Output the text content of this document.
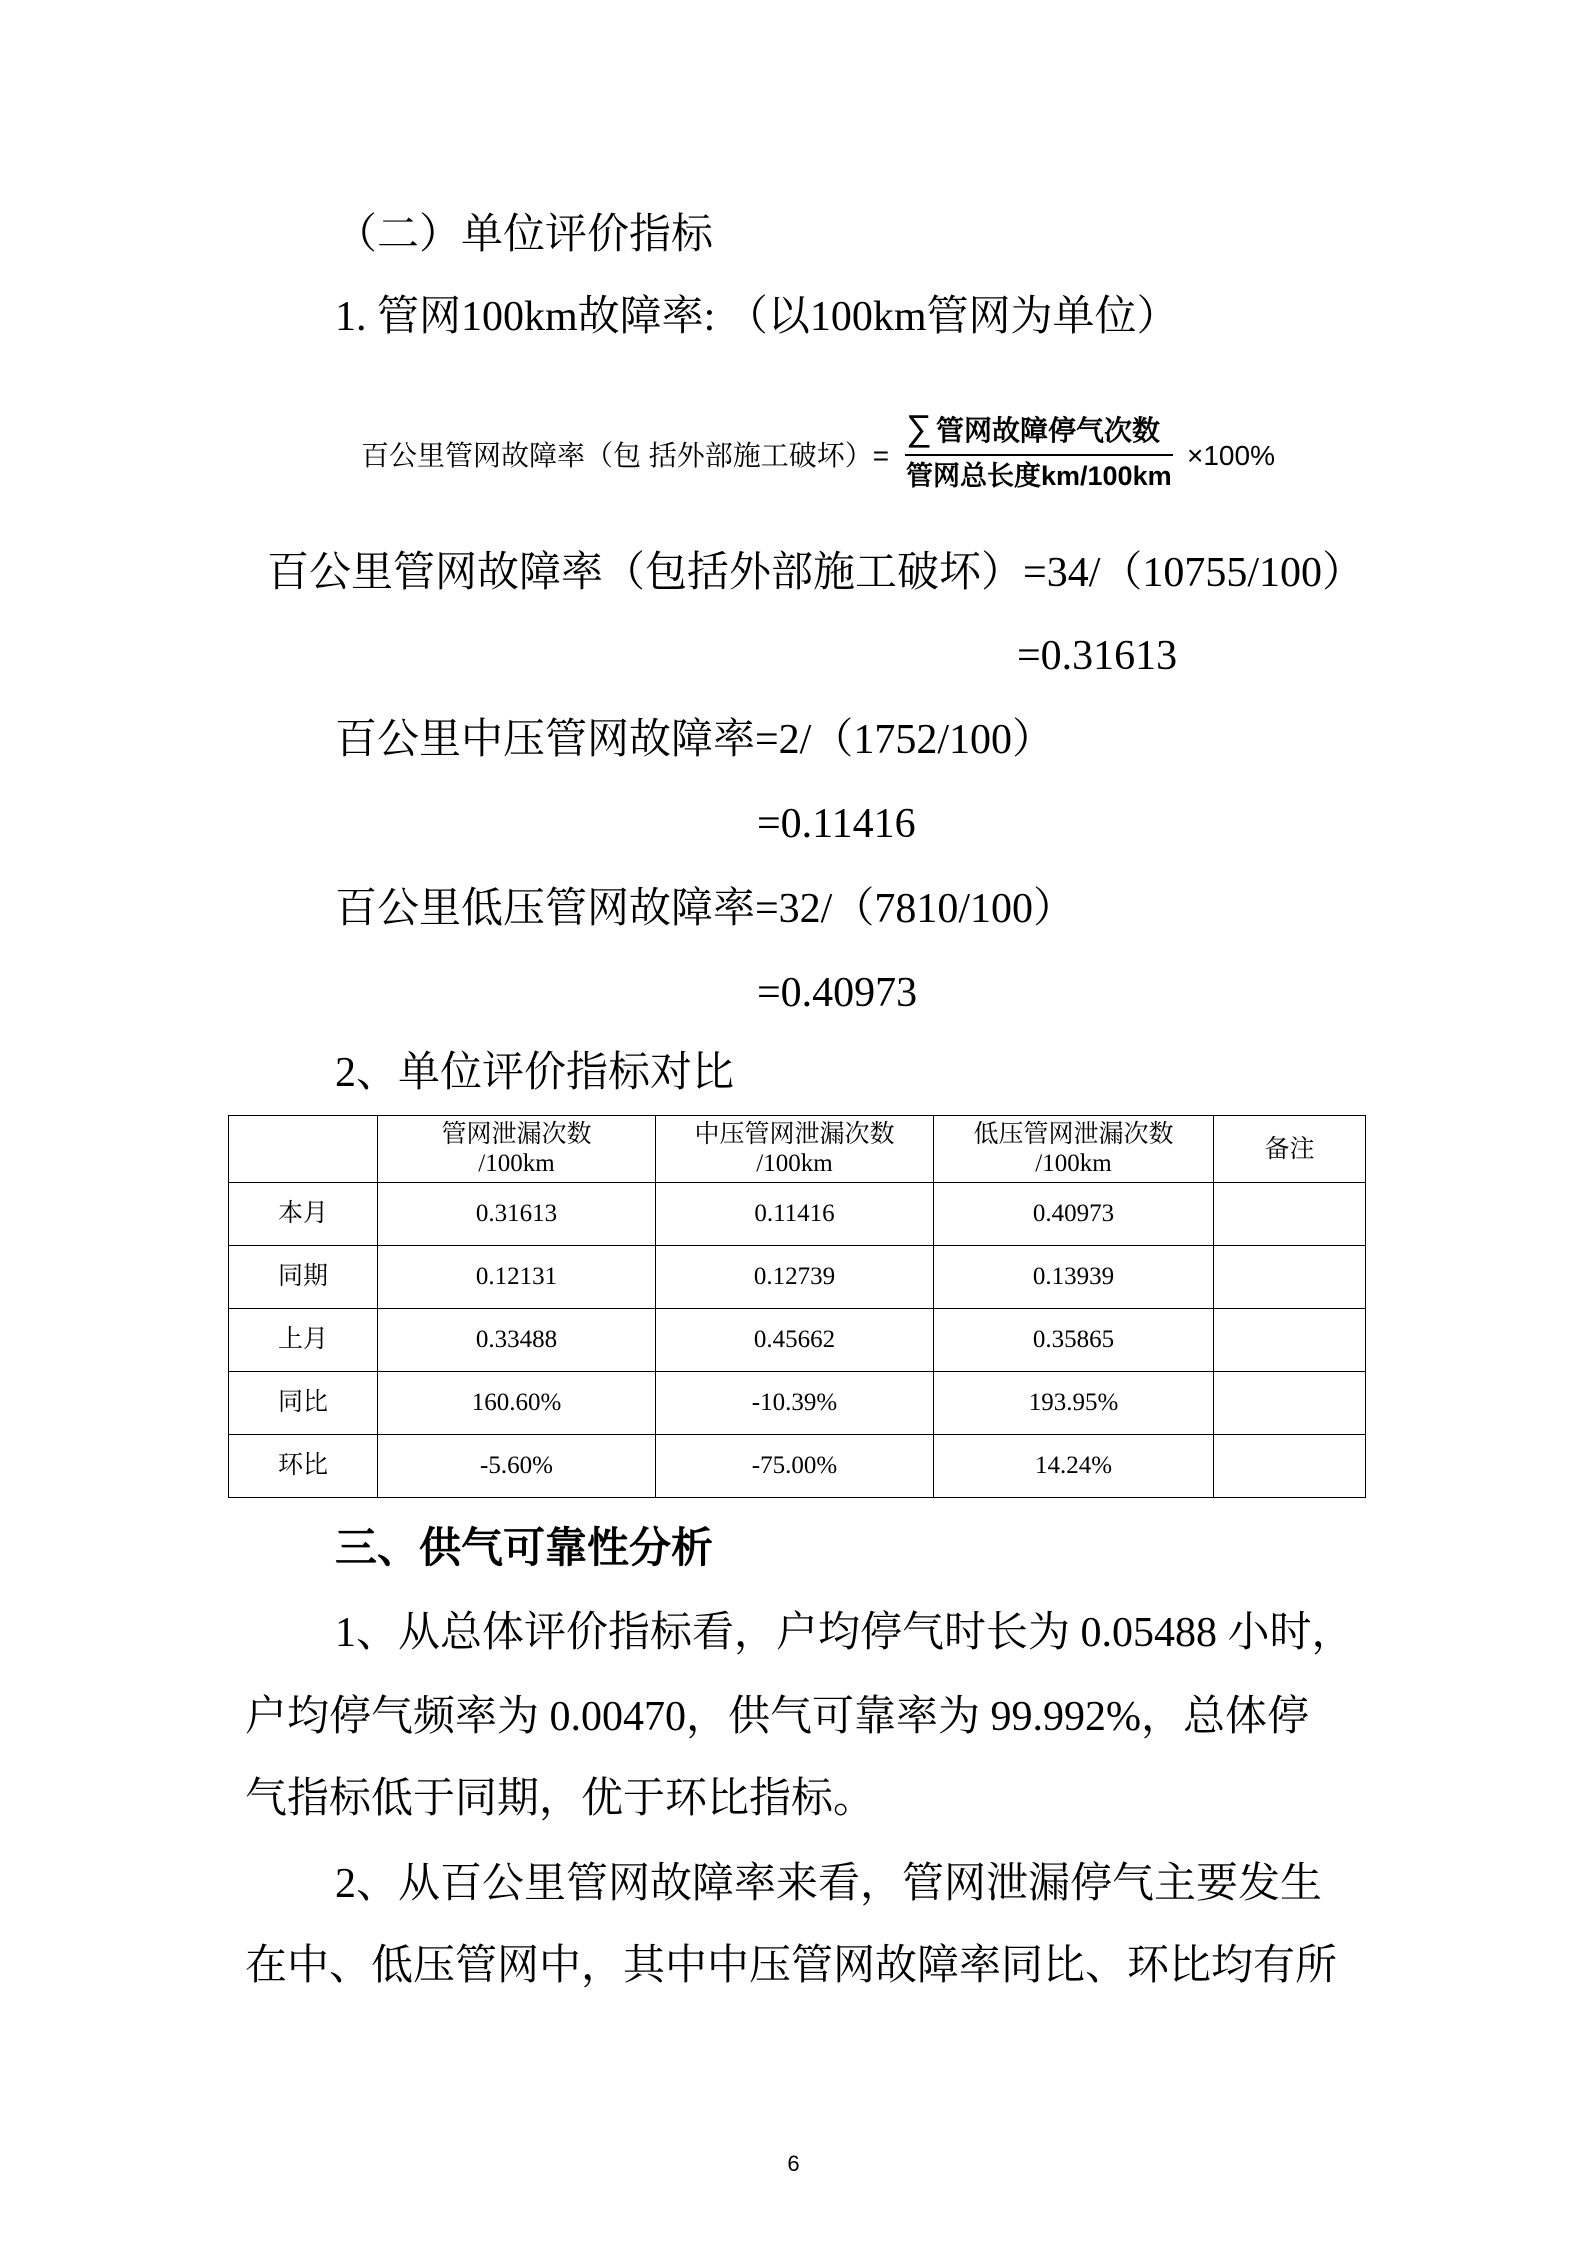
（二）单位评价指标
1. 管网100km故障率: （以100km管网为单位）
百公里管网故障率（包 括外部施工破坏）=
∑ 管网故障停气次数
管网总长度km/100km
×100%
百公里管网故障率（包括外部施工破坏）=34/（10755/100）
=0.31613
百公里中压管网故障率=2/（1752/100）
=0.11416
百公里低压管网故障率=32/（7810/100）
=0.40973
2、单位评价指标对比

	管网泄漏次数
/100km	中压管网泄漏次数
/100km	低压管网泄漏次数
/100km	备注
本月	0.31613	0.11416	0.40973	
同期	0.12131	0.12739	0.13939	
上月	0.33488	0.45662	0.35865	
同比	160.60%	-10.39%	193.95%	
环比	-5.60%	-75.00%	14.24%	
三、供气可靠性分析
1、从总体评价指标看，户均停气时长为 0.05488 小时，
户均停气频率为 0.00470，供气可靠率为 99.992%，总体停
气指标低于同期，优于环比指标。
2、从百公里管网故障率来看，管网泄漏停气主要发生
在中、低压管网中，其中中压管网故障率同比、环比均有所
6
